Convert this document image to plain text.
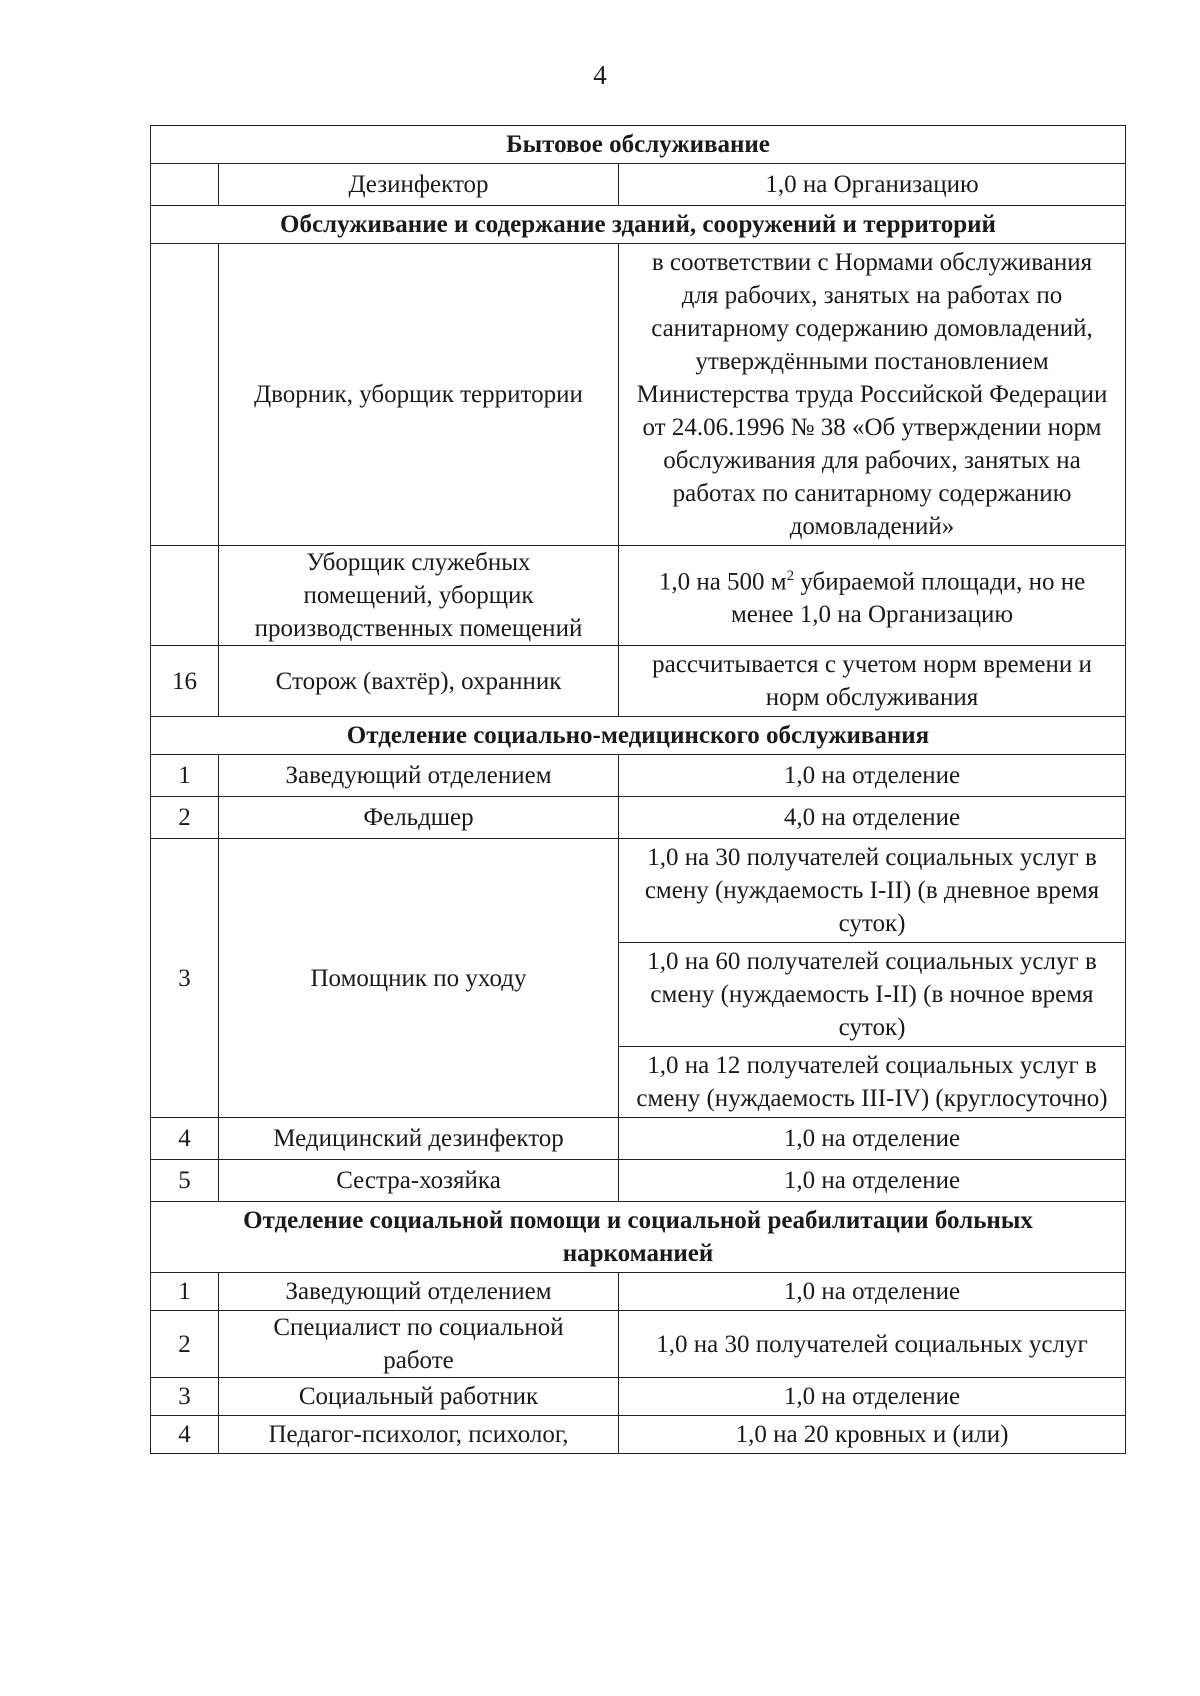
4
Бытовое обслуживание		
	Дезинфектор	1,0 на Организацию
Обслуживание и содержание зданий, сооружений и территорий		
	Дворник, уборщик территории	в соответствии с Нормами обслуживания для рабочих, занятых на работах по санитарному содержанию домовладений, утверждёнными постановлением Министерства труда Российской Федерации от 24.06.1996 № 38 «Об утверждении норм обслуживания для рабочих, занятых на работах по санитарному содержанию домовладений»
	Уборщик служебных помещений, уборщик производственных помещений	1,0 на 500 $м^2$ убираемой площади, но не менее 1,0 на Организацию
16	Сторож (вахтёр), охранник	рассчитывается с учетом норм времени и норм обслуживания
Отделение социально-медицинского обслуживания		
1	Заведующий отделением	1,0 на отделение
2	Фельдшер	4,0 на отделение
3	Помощник по уходу	1,0 на 30 получателей социальных услуг в смену (нуждаемость I-II) (в дневное время суток)
		1,0 на 60 получателей социальных услуг в смену (нуждаемость I-II) (в ночное время суток)
		1,0 на 12 получателей социальных услуг в смену (нуждаемость III-IV) (круглосуточно)
4	Медицинский дезинфектор	1,0 на отделение
5	Сестра-хозяйка	1,0 на отделение
Отделение социальной помощи и социальной реабилитации больных наркоманией		
1	Заведующий отделением	1,0 на отделение
2	Специалист по социальной работе	1,0 на 30 получателей социальных услуг
3	Социальный работник	1,0 на отделение
4	Педагог-психолог, психолог,	1,0 на 20 кровных и (или)
